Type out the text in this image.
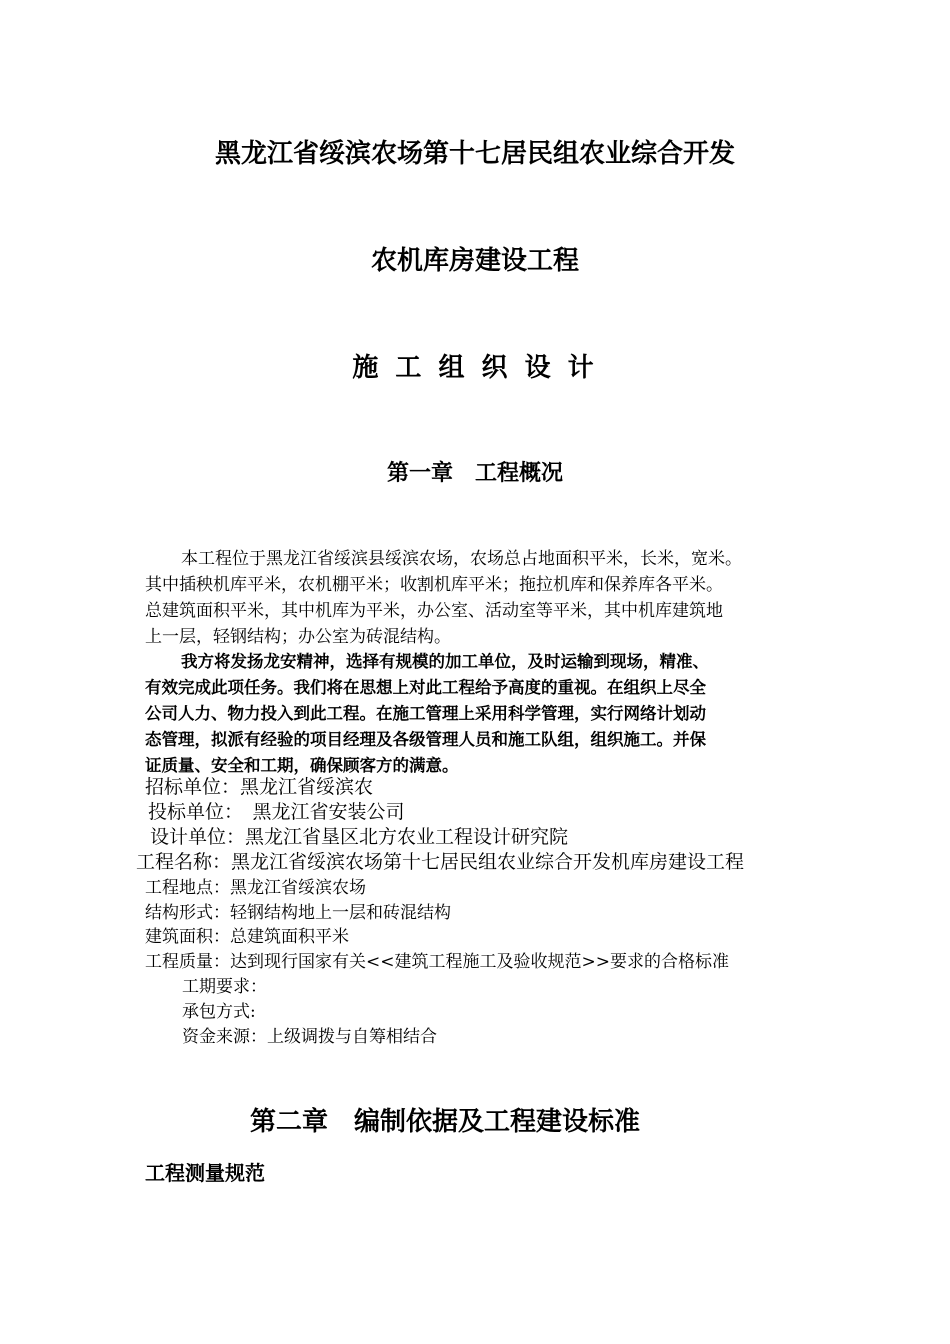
黑龙江省绥滨农场第十七居民组农业综合开发
农机库房建设工程
施 工 组 织 设 计
第一章　工程概况
本工程位于黑龙江省绥滨县绥滨农场，农场总占地面积平米，长米，宽米。
其中插秧机库平米，农机棚平米；收割机库平米；拖拉机库和保养库各平米。
总建筑面积平米，其中机库为平米，办公室、活动室等平米，其中机库建筑地
上一层，轻钢结构；办公室为砖混结构。
我方将发扬龙安精神，选择有规模的加工单位，及时运输到现场，精准、
有效完成此项任务。我们将在思想上对此工程给予高度的重视。在组织上尽全
公司人力、物力投入到此工程。在施工管理上采用科学管理，实行网络计划动
态管理，拟派有经验的项目经理及各级管理人员和施工队组，组织施工。并保
证质量、安全和工期，确保顾客方的满意。
招标单位：黑龙江省绥滨农
投标单位：　黑龙江省安装公司
设计单位：黑龙江省垦区北方农业工程设计研究院
工程名称：黑龙江省绥滨农场第十七居民组农业综合开发机库房建设工程
工程地点：黑龙江省绥滨农场
结构形式：轻钢结构地上一层和砖混结构
建筑面积：总建筑面积平米
工程质量：达到现行国家有关<<建筑工程施工及验收规范>>要求的合格标准
工期要求：
承包方式:
资金来源：上级调拨与自筹相结合
第二章　编制依据及工程建设标准
工程测量规范
